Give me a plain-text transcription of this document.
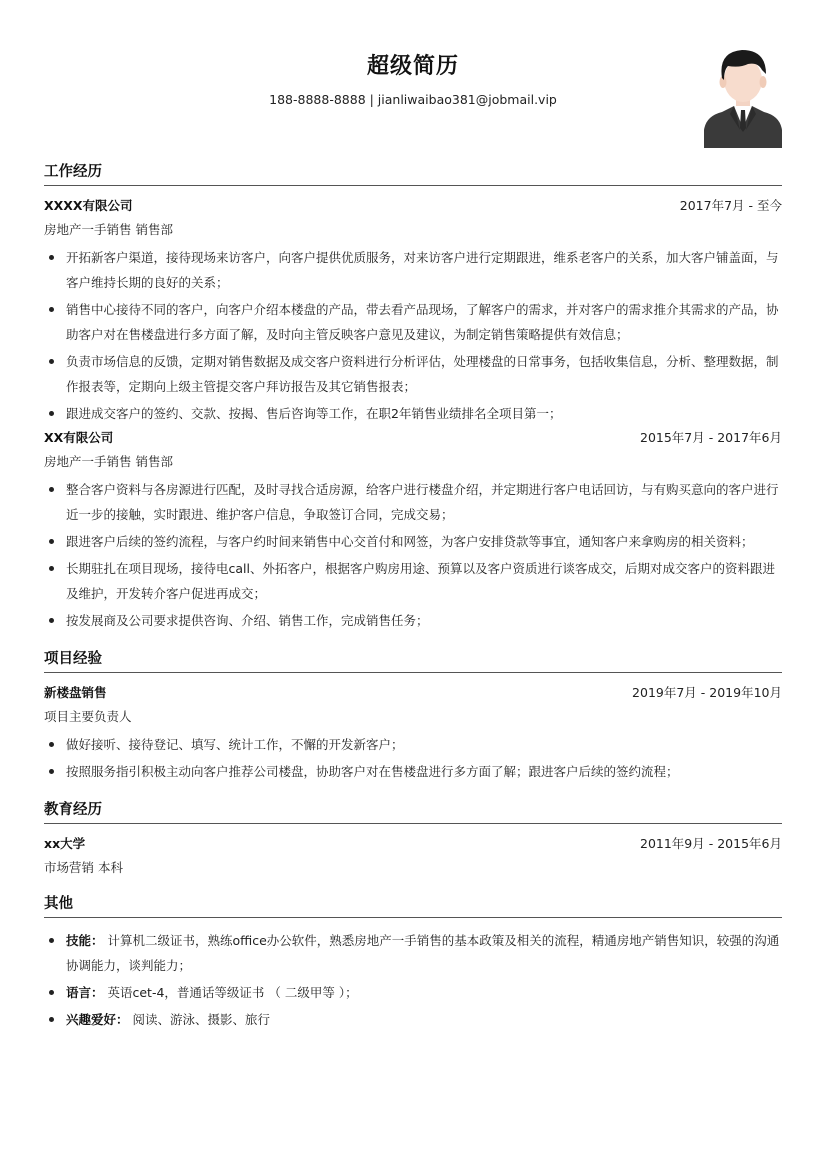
超级简历
188-8888-8888 | jianliwaibao381@jobmail.vip
工作经历
XXXX有限公司	2017年7月 - 至今
房地产一手销售 销售部
开拓新客户渠道，接待现场来访客户，向客户提供优质服务，对来访客户进行定期跟进，维系老客户的关系，加大客户铺盖面，与客户维持长期的良好的关系；
销售中心接待不同的客户，向客户介绍本楼盘的产品，带去看产品现场，了解客户的需求，并对客户的需求推介其需求的产品，协助客户对在售楼盘进行多方面了解，及时向主管反映客户意见及建议，为制定销售策略提供有效信息；
负责市场信息的反馈，定期对销售数据及成交客户资料进行分析评估，处理楼盘的日常事务，包括收集信息，分析、整理数据，制作报表等，定期向上级主管提交客户拜访报告及其它销售报表；
跟进成交客户的签约、交款、按揭、售后咨询等工作，在职2年销售业绩排名全项目第一；
XX有限公司	2015年7月 - 2017年6月
房地产一手销售 销售部
整合客户资料与各房源进行匹配，及时寻找合适房源，给客户进行楼盘介绍，并定期进行客户电话回访，与有购买意向的客户进行近一步的接触，实时跟进、维护客户信息，争取签订合同，完成交易；
跟进客户后续的签约流程，与客户约时间来销售中心交首付和网签，为客户安排贷款等事宜，通知客户来拿购房的相关资料；
长期驻扎在项目现场，接待电call、外拓客户，根据客户购房用途、预算以及客户资质进行谈客成交，后期对成交客户的资料跟进及维护，开发转介客户促进再成交；
按发展商及公司要求提供咨询、介绍、销售工作，完成销售任务；
项目经验
新楼盘销售	2019年7月 - 2019年10月
项目主要负责人
做好接听、接待登记、填写、统计工作，不懈的开发新客户；
按照服务指引积极主动向客户推荐公司楼盘，协助客户对在售楼盘进行多方面了解；跟进客户后续的签约流程；
教育经历
xx大学	2011年9月 - 2015年6月
市场营销 本科
其他
技能： 计算机二级证书，熟练office办公软件，熟悉房地产一手销售的基本政策及相关的流程，精通房地产销售知识，较强的沟通协调能力，谈判能力；
语言： 英语cet-4，普通话等级证书 （ 二级甲等 ）；
兴趣爱好： 阅读、游泳、摄影、旅行
